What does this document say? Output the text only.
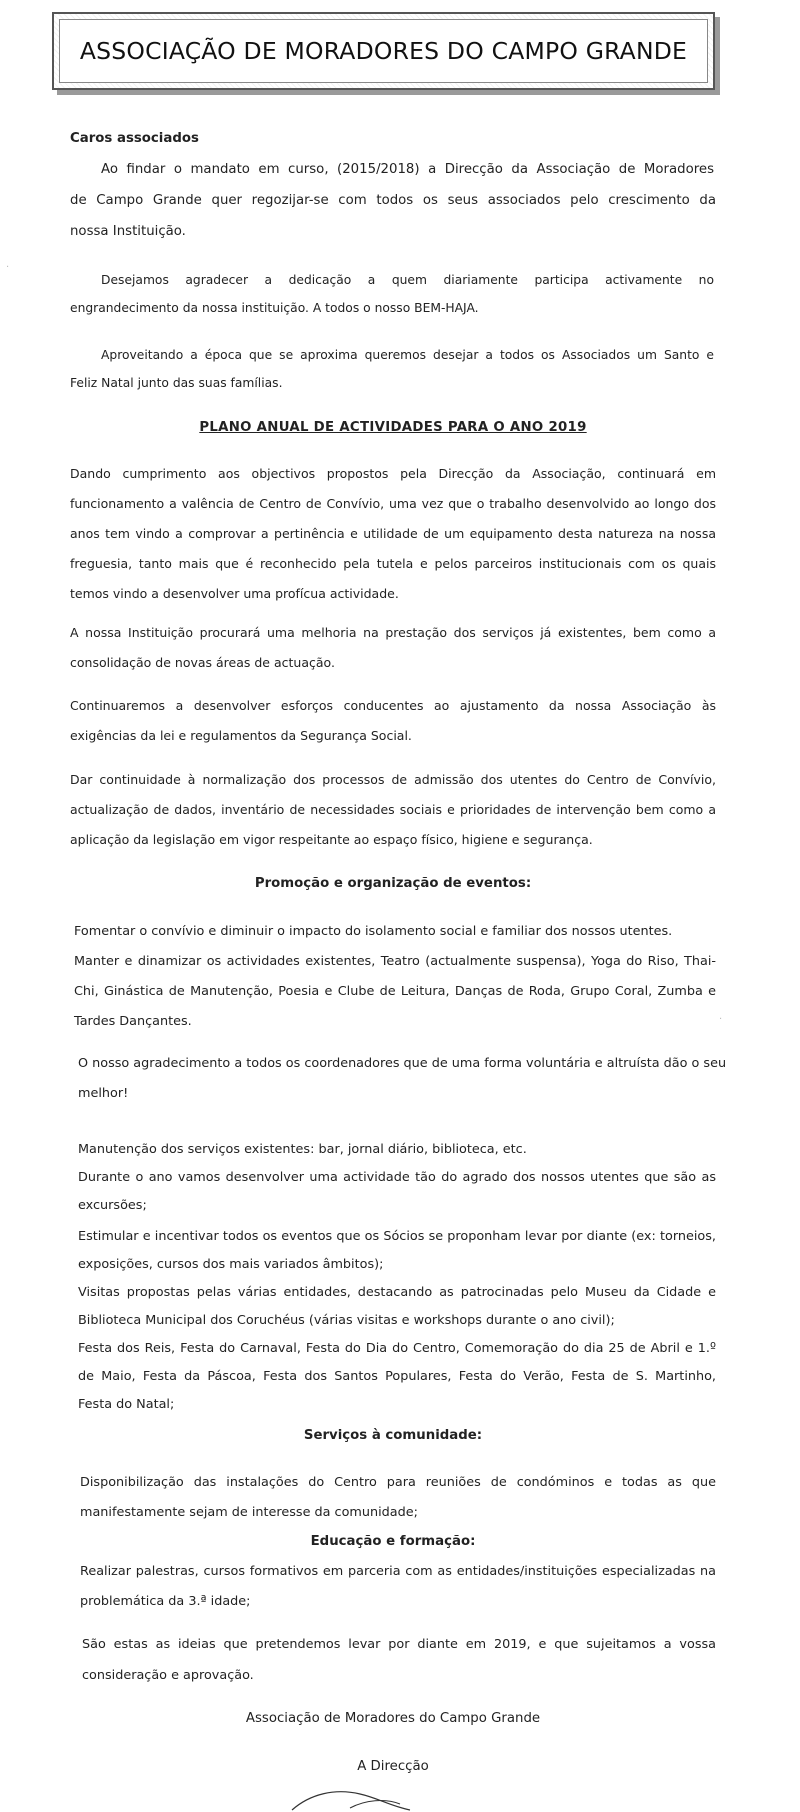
ASSOCIAÇÃO DE MORADORES DO CAMPO GRANDE
Caros associados
Ao findar o mandato em curso, (2015/2018) a Direcção da Associação de Moradores
de Campo Grande quer regozijar-se com todos os seus associados pelo crescimento da
nossa Instituição.
Desejamos agradecer a dedicação a quem diariamente participa activamente no
engrandecimento da nossa instituição. A todos o nosso BEM-HAJA.
Aproveitando a época que se aproxima queremos desejar a todos os Associados um Santo e
Feliz Natal junto das suas famílias.
PLANO ANUAL DE ACTIVIDADES PARA O ANO 2019
Dando cumprimento aos objectivos propostos pela Direcção da Associação, continuará em
funcionamento a valência de Centro de Convívio, uma vez que o trabalho desenvolvido ao longo dos
anos tem vindo a comprovar a pertinência e utilidade de um equipamento desta natureza na nossa
freguesia, tanto mais que é reconhecido pela tutela e pelos parceiros institucionais com os quais
temos vindo a desenvolver uma profícua actividade.
A nossa Instituição procurará uma melhoria na prestação dos serviços já existentes, bem como a
consolidação de novas áreas de actuação.
Continuaremos a desenvolver esforços conducentes ao ajustamento da nossa Associação às
exigências da lei e regulamentos da Segurança Social.
Dar continuidade à normalização dos processos de admissão dos utentes do Centro de Convívio,
actualização de dados, inventário de necessidades sociais e prioridades de intervenção bem como a
aplicação da legislação em vigor respeitante ao espaço físico, higiene e segurança.
Promoção e organização de eventos:
Fomentar o convívio e diminuir o impacto do isolamento social e familiar dos nossos utentes.
Manter e dinamizar os actividades existentes, Teatro (actualmente suspensa), Yoga do Riso, Thai-
Chi, Ginástica de Manutenção, Poesia e Clube de Leitura, Danças de Roda, Grupo Coral, Zumba e
Tardes Dançantes.
O nosso agradecimento a todos os coordenadores que de uma forma voluntária e altruísta dão o seu
melhor!
Manutenção dos serviços existentes: bar, jornal diário, biblioteca, etc.
Durante o ano vamos desenvolver uma actividade tão do agrado dos nossos utentes que são as
excursões;
Estimular e incentivar todos os eventos que os Sócios se proponham levar por diante (ex: torneios,
exposições, cursos dos mais variados âmbitos);
Visitas propostas pelas várias entidades, destacando as patrocinadas pelo Museu da Cidade e
Biblioteca Municipal dos Coruchéus (várias visitas e workshops durante o ano civil);
Festa dos Reis, Festa do Carnaval, Festa do Dia do Centro, Comemoração do dia 25 de Abril e 1.º
de Maio, Festa da Páscoa, Festa dos Santos Populares, Festa do Verão, Festa de S. Martinho,
Festa do Natal;
Serviços à comunidade:
Disponibilização das instalações do Centro para reuniões de condóminos e todas as que
manifestamente sejam de interesse da comunidade;
Educação e formação:
Realizar palestras, cursos formativos em parceria com as entidades/instituições especializadas na
problemática da 3.ª idade;
São estas as ideias que pretendemos levar por diante em 2019, e que sujeitamos a vossa
consideração e aprovação.
Associação de Moradores do Campo Grande
A Direcção
·
·
